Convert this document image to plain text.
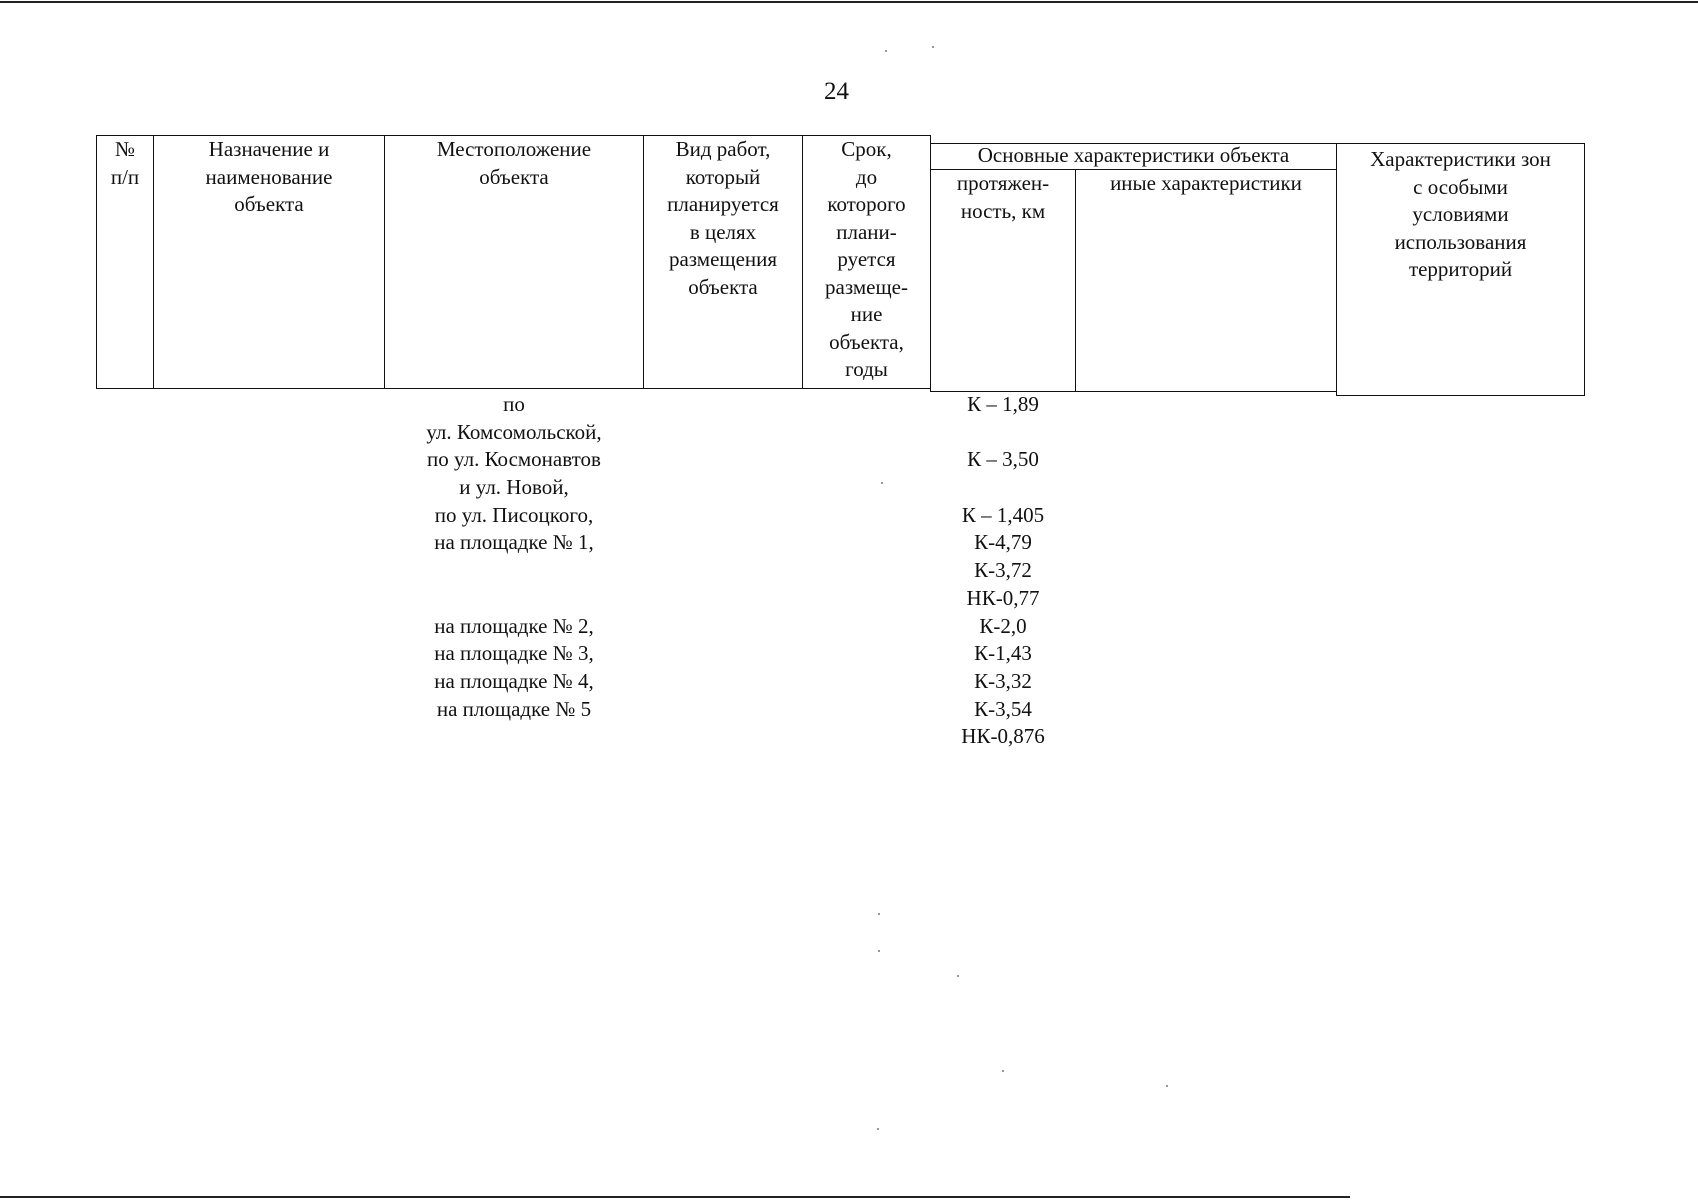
24
№
п/п
Назначение и
наименование
объекта
Местоположение
объекта
Вид работ,
который
планируется
в целях
размещения
объекта
Срок,
до
которого
плани-
руется
размеще-
ние
объекта,
годы
Основные характеристики объекта
протяжен-
ность, км
иные характеристики
Характеристики зон
с особыми
условиями
использования
территорий
по
ул. Комсомольской,
по ул. Космонавтов
и ул. Новой,
по ул. Писоцкого,
на площадке № 1,
на площадке № 2,
на площадке № 3,
на площадке № 4,
на площадке № 5
К – 1,89
К – 3,50
К – 1,405
К-4,79
К-3,72
НК-0,77
К-2,0
К-1,43
К-3,32
К-3,54
НК-0,876
